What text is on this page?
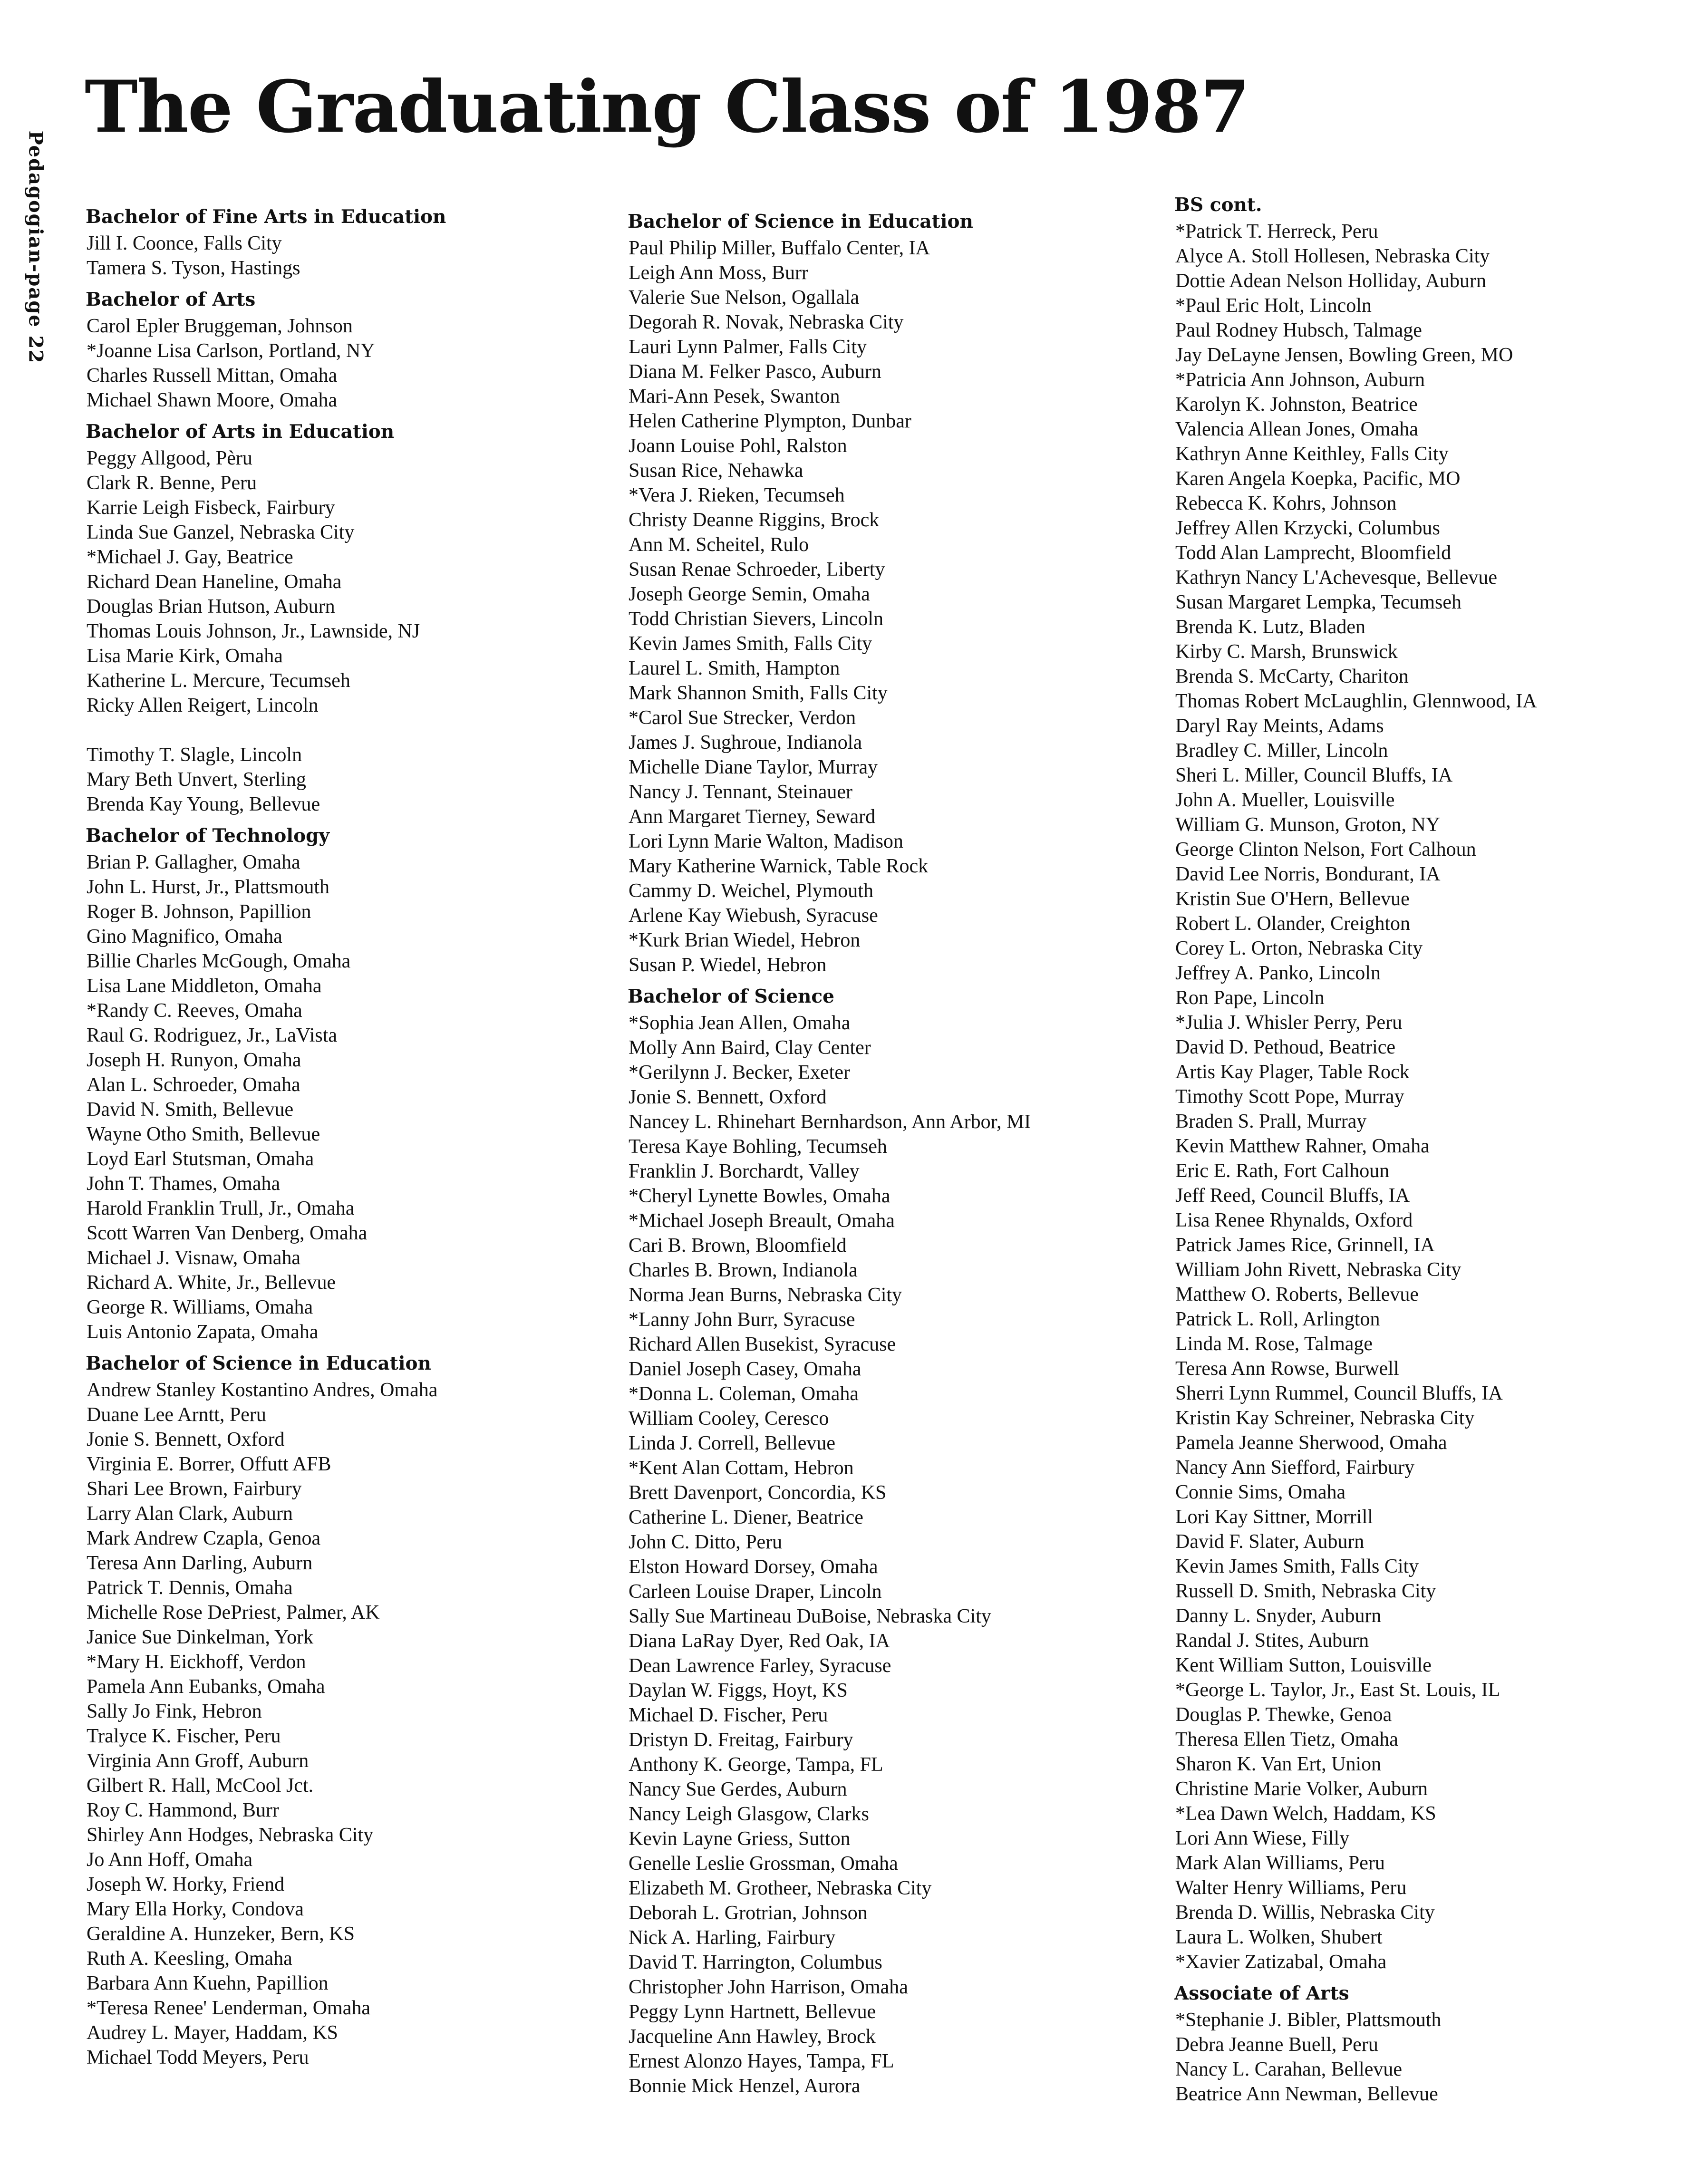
Pedagogian-page 22
The Graduating Class of 1987
Bachelor of Fine Arts in Education
Jill I. Coonce, Falls City
Tamera S. Tyson, Hastings
Bachelor of Arts
Carol Epler Bruggeman, Johnson
*Joanne Lisa Carlson, Portland, NY
Charles Russell Mittan, Omaha
Michael Shawn Moore, Omaha
Bachelor of Arts in Education
Peggy Allgood, Pèru
Clark R. Benne, Peru
Karrie Leigh Fisbeck, Fairbury
Linda Sue Ganzel, Nebraska City
*Michael J. Gay, Beatrice
Richard Dean Haneline, Omaha
Douglas Brian Hutson, Auburn
Thomas Louis Johnson, Jr., Lawnside, NJ
Lisa Marie Kirk, Omaha
Katherine L. Mercure, Tecumseh
Ricky Allen Reigert, Lincoln
Timothy T. Slagle, Lincoln
Mary Beth Unvert, Sterling
Brenda Kay Young, Bellevue
Bachelor of Technology
Brian P. Gallagher, Omaha
John L. Hurst, Jr., Plattsmouth
Roger B. Johnson, Papillion
Gino Magnifico, Omaha
Billie Charles McGough, Omaha
Lisa Lane Middleton, Omaha
*Randy C. Reeves, Omaha
Raul G. Rodriguez, Jr., LaVista
Joseph H. Runyon, Omaha
Alan L. Schroeder, Omaha
David N. Smith, Bellevue
Wayne Otho Smith, Bellevue
Loyd Earl Stutsman, Omaha
John T. Thames, Omaha
Harold Franklin Trull, Jr., Omaha
Scott Warren Van Denberg, Omaha
Michael J. Visnaw, Omaha
Richard A. White, Jr., Bellevue
George R. Williams, Omaha
Luis Antonio Zapata, Omaha
Bachelor of Science in Education
Andrew Stanley Kostantino Andres, Omaha
Duane Lee Arntt, Peru
Jonie S. Bennett, Oxford
Virginia E. Borrer, Offutt AFB
Shari Lee Brown, Fairbury
Larry Alan Clark, Auburn
Mark Andrew Czapla, Genoa
Teresa Ann Darling, Auburn
Patrick T. Dennis, Omaha
Michelle Rose DePriest, Palmer, AK
Janice Sue Dinkelman, York
*Mary H. Eickhoff, Verdon
Pamela Ann Eubanks, Omaha
Sally Jo Fink, Hebron
Tralyce K. Fischer, Peru
Virginia Ann Groff, Auburn
Gilbert R. Hall, McCool Jct.
Roy C. Hammond, Burr
Shirley Ann Hodges, Nebraska City
Jo Ann Hoff, Omaha
Joseph W. Horky, Friend
Mary Ella Horky, Condova
Geraldine A. Hunzeker, Bern, KS
Ruth A. Keesling, Omaha
Barbara Ann Kuehn, Papillion
*Teresa Renee' Lenderman, Omaha
Audrey L. Mayer, Haddam, KS
Michael Todd Meyers, Peru
Bachelor of Science in Education
Paul Philip Miller, Buffalo Center, IA
Leigh Ann Moss, Burr
Valerie Sue Nelson, Ogallala
Degorah R. Novak, Nebraska City
Lauri Lynn Palmer, Falls City
Diana M. Felker Pasco, Auburn
Mari-Ann Pesek, Swanton
Helen Catherine Plympton, Dunbar
Joann Louise Pohl, Ralston
Susan Rice, Nehawka
*Vera J. Rieken, Tecumseh
Christy Deanne Riggins, Brock
Ann M. Scheitel, Rulo
Susan Renae Schroeder, Liberty
Joseph George Semin, Omaha
Todd Christian Sievers, Lincoln
Kevin James Smith, Falls City
Laurel L. Smith, Hampton
Mark Shannon Smith, Falls City
*Carol Sue Strecker, Verdon
James J. Sughroue, Indianola
Michelle Diane Taylor, Murray
Nancy J. Tennant, Steinauer
Ann Margaret Tierney, Seward
Lori Lynn Marie Walton, Madison
Mary Katherine Warnick, Table Rock
Cammy D. Weichel, Plymouth
Arlene Kay Wiebush, Syracuse
*Kurk Brian Wiedel, Hebron
Susan P. Wiedel, Hebron
Bachelor of Science
*Sophia Jean Allen, Omaha
Molly Ann Baird, Clay Center
*Gerilynn J. Becker, Exeter
Jonie S. Bennett, Oxford
Nancey L. Rhinehart Bernhardson, Ann Arbor, MI
Teresa Kaye Bohling, Tecumseh
Franklin J. Borchardt, Valley
*Cheryl Lynette Bowles, Omaha
*Michael Joseph Breault, Omaha
Cari B. Brown, Bloomfield
Charles B. Brown, Indianola
Norma Jean Burns, Nebraska City
*Lanny John Burr, Syracuse
Richard Allen Busekist, Syracuse
Daniel Joseph Casey, Omaha
*Donna L. Coleman, Omaha
William Cooley, Ceresco
Linda J. Correll, Bellevue
*Kent Alan Cottam, Hebron
Brett Davenport, Concordia, KS
Catherine L. Diener, Beatrice
John C. Ditto, Peru
Elston Howard Dorsey, Omaha
Carleen Louise Draper, Lincoln
Sally Sue Martineau DuBoise, Nebraska City
Diana LaRay Dyer, Red Oak, IA
Dean Lawrence Farley, Syracuse
Daylan W. Figgs, Hoyt, KS
Michael D. Fischer, Peru
Dristyn D. Freitag, Fairbury
Anthony K. George, Tampa, FL
Nancy Sue Gerdes, Auburn
Nancy Leigh Glasgow, Clarks
Kevin Layne Griess, Sutton
Genelle Leslie Grossman, Omaha
Elizabeth M. Grotheer, Nebraska City
Deborah L. Grotrian, Johnson
Nick A. Harling, Fairbury
David T. Harrington, Columbus
Christopher John Harrison, Omaha
Peggy Lynn Hartnett, Bellevue
Jacqueline Ann Hawley, Brock
Ernest Alonzo Hayes, Tampa, FL
Bonnie Mick Henzel, Aurora
BS cont.
*Patrick T. Herreck, Peru
Alyce A. Stoll Hollesen, Nebraska City
Dottie Adean Nelson Holliday, Auburn
*Paul Eric Holt, Lincoln
Paul Rodney Hubsch, Talmage
Jay DeLayne Jensen, Bowling Green, MO
*Patricia Ann Johnson, Auburn
Karolyn K. Johnston, Beatrice
Valencia Allean Jones, Omaha
Kathryn Anne Keithley, Falls City
Karen Angela Koepka, Pacific, MO
Rebecca K. Kohrs, Johnson
Jeffrey Allen Krzycki, Columbus
Todd Alan Lamprecht, Bloomfield
Kathryn Nancy L'Achevesque, Bellevue
Susan Margaret Lempka, Tecumseh
Brenda K. Lutz, Bladen
Kirby C. Marsh, Brunswick
Brenda S. McCarty, Chariton
Thomas Robert McLaughlin, Glennwood, IA
Daryl Ray Meints, Adams
Bradley C. Miller, Lincoln
Sheri L. Miller, Council Bluffs, IA
John A. Mueller, Louisville
William G. Munson, Groton, NY
George Clinton Nelson, Fort Calhoun
David Lee Norris, Bondurant, IA
Kristin Sue O'Hern, Bellevue
Robert L. Olander, Creighton
Corey L. Orton, Nebraska City
Jeffrey A. Panko, Lincoln
Ron Pape, Lincoln
*Julia J. Whisler Perry, Peru
David D. Pethoud, Beatrice
Artis Kay Plager, Table Rock
Timothy Scott Pope, Murray
Braden S. Prall, Murray
Kevin Matthew Rahner, Omaha
Eric E. Rath, Fort Calhoun
Jeff Reed, Council Bluffs, IA
Lisa Renee Rhynalds, Oxford
Patrick James Rice, Grinnell, IA
William John Rivett, Nebraska City
Matthew O. Roberts, Bellevue
Patrick L. Roll, Arlington
Linda M. Rose, Talmage
Teresa Ann Rowse, Burwell
Sherri Lynn Rummel, Council Bluffs, IA
Kristin Kay Schreiner, Nebraska City
Pamela Jeanne Sherwood, Omaha
Nancy Ann Siefford, Fairbury
Connie Sims, Omaha
Lori Kay Sittner, Morrill
David F. Slater, Auburn
Kevin James Smith, Falls City
Russell D. Smith, Nebraska City
Danny L. Snyder, Auburn
Randal J. Stites, Auburn
Kent William Sutton, Louisville
*George L. Taylor, Jr., East St. Louis, IL
Douglas P. Thewke, Genoa
Theresa Ellen Tietz, Omaha
Sharon K. Van Ert, Union
Christine Marie Volker, Auburn
*Lea Dawn Welch, Haddam, KS
Lori Ann Wiese, Filly
Mark Alan Williams, Peru
Walter Henry Williams, Peru
Brenda D. Willis, Nebraska City
Laura L. Wolken, Shubert
*Xavier Zatizabal, Omaha
Associate of Arts
*Stephanie J. Bibler, Plattsmouth
Debra Jeanne Buell, Peru
Nancy L. Carahan, Bellevue
Beatrice Ann Newman, Bellevue
